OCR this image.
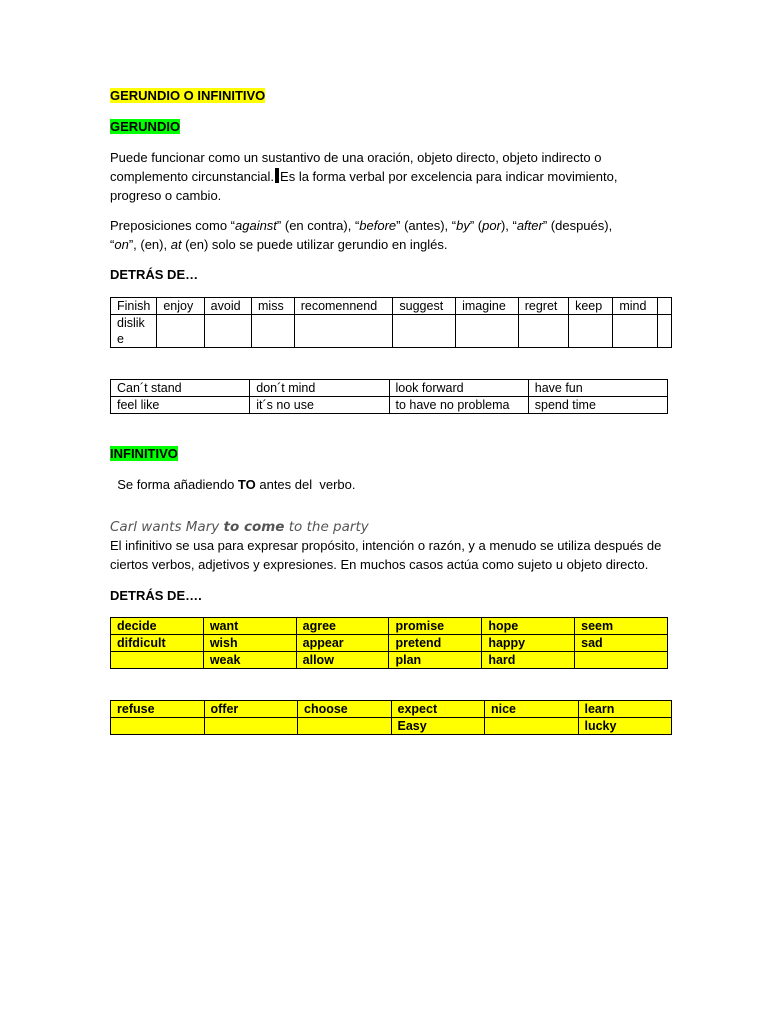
GERUNDIO O INFINITIVO

GERUNDIO

Puede funcionar como un sustantivo de una oración, objeto directo, objeto indirecto o complemento circunstancial. Es la forma verbal por excelencia para indicar movimiento, progreso o cambio.

Preposiciones como “against” (en contra), “before” (antes), “by” (por), “after” (después),
“on”, (en), at (en) solo se puede utilizar gerundio en inglés.

DETRÁS DE…

Finish	enjoy	avoid	miss	recomennend	suggest	imagine	regret	keep	mind	
dislik e										
Can´t stand	don´t mind	look forward	have fun
feel like	it´s no use	to have no problema	spend time

INFINITIVO

Se forma añadiendo TO antes del  verbo.

Carl wants Mary to come to the party

El infinitivo se usa para expresar propósito, intención o razón, y a menudo se utiliza después de ciertos verbos, adjetivos y expresiones. En muchos casos actúa como sujeto u objeto directo.

DETRÁS DE….

decide	want	agree	promise	hope	seem
difdicult	wish	appear	pretend	happy	sad
	weak	allow	plan	hard	
refuse	offer	choose	expect	nice	learn
			Easy		lucky
